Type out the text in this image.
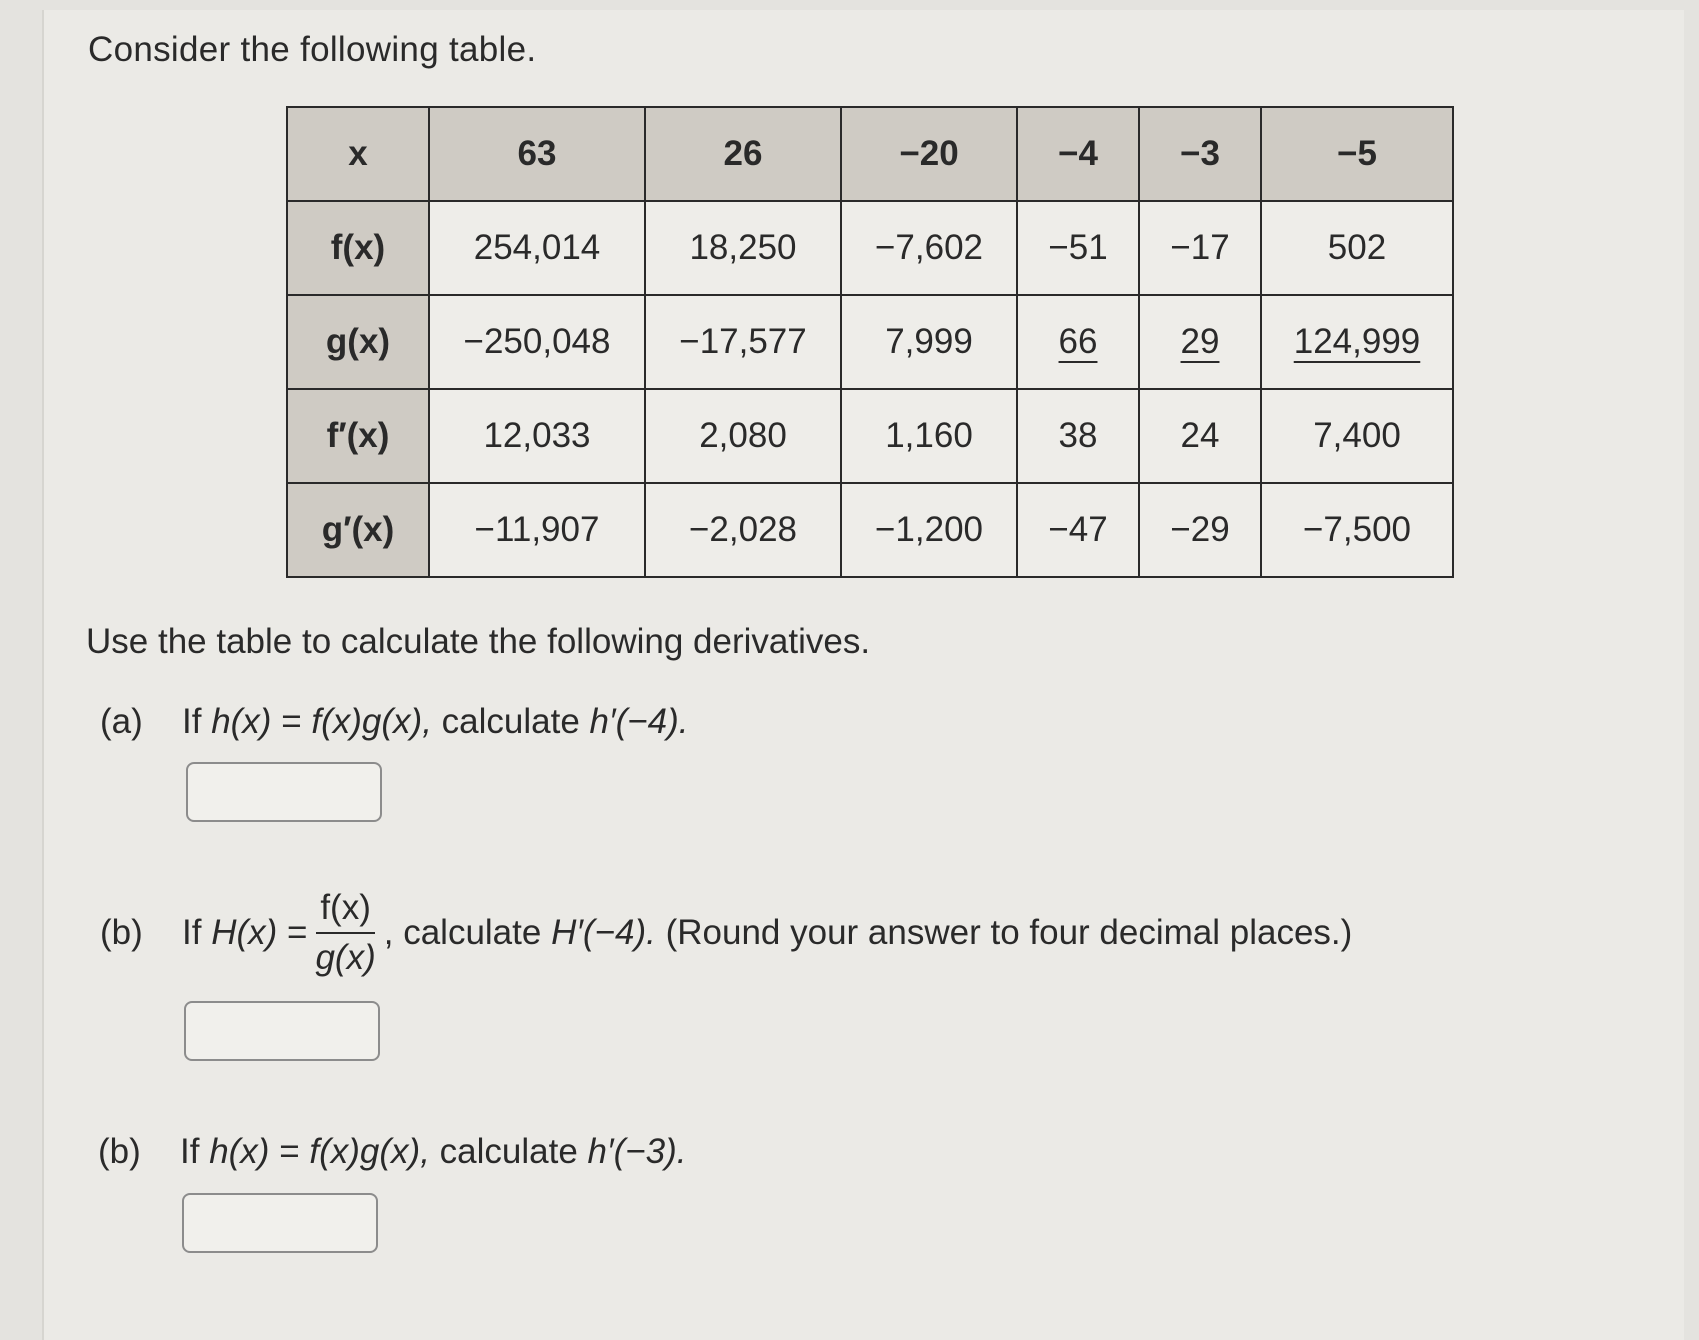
Consider the following table.
x	63	26	−20	−4	−3	−5
f(x)	254,014	18,250	−7,602	−51	−17	502
g(x)	−250,048	−17,577	7,999	66	29	124,999
f′(x)	12,033	2,080	1,160	38	24	7,400
g′(x)	−11,907	−2,028	−1,200	−47	−29	−7,500
Use the table to calculate the following derivatives.
(a)	If
h(x)
=
f(x)g(x),
calculate
h′(−4).
(b)	If
H(x)
= $\frac{f(x)}{g(x)}$ , calculate
H′(−4).
(Round your answer to four decimal places.)
(b)	If
h(x)
=
f(x)g(x),
calculate
h′(−3).
